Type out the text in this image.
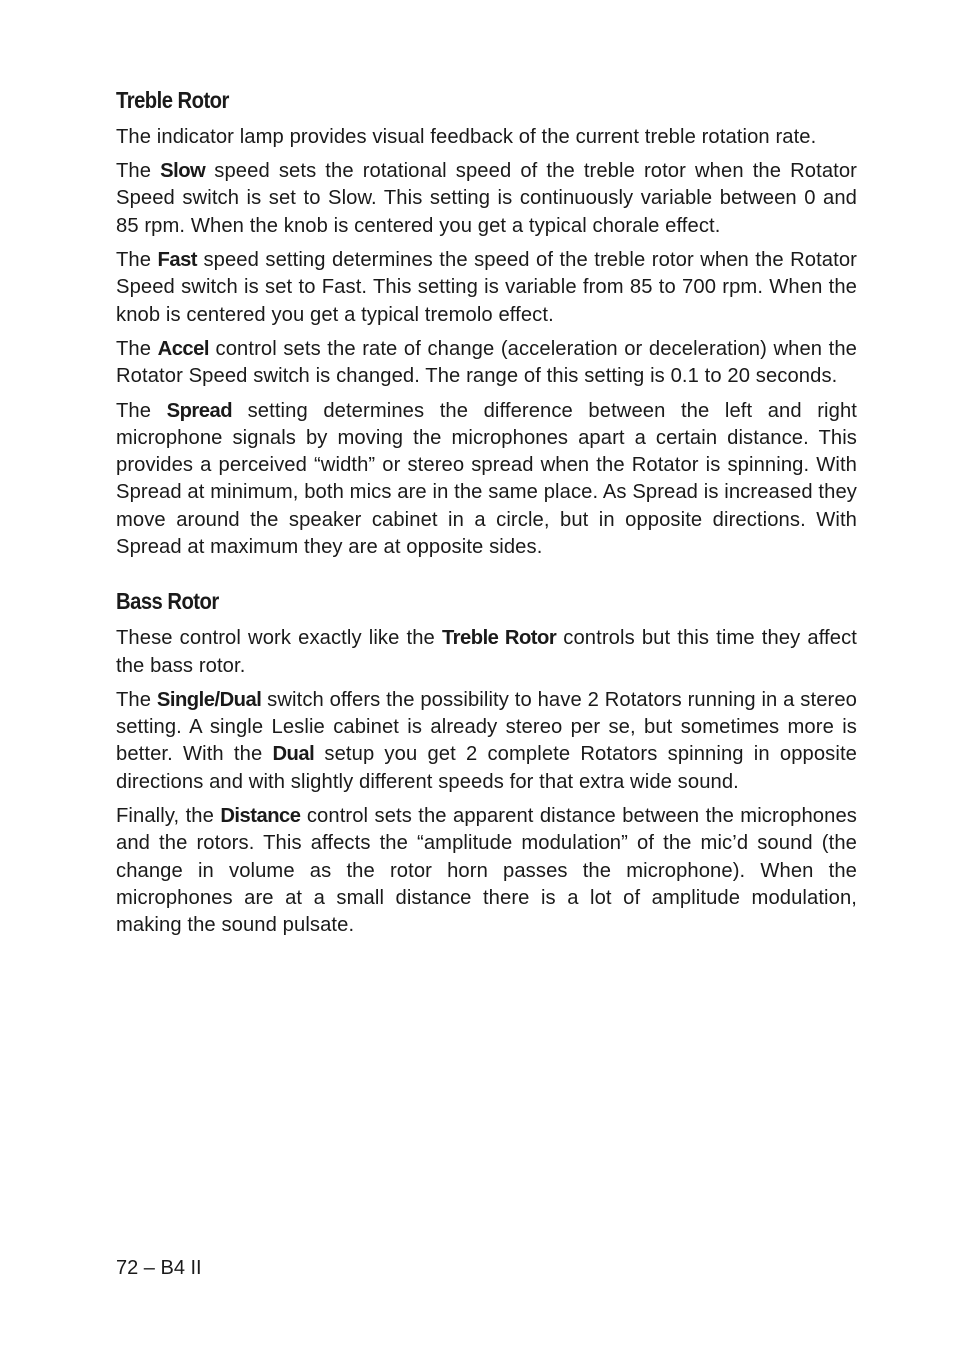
Treble Rotor

The indicator lamp provides visual feedback of the current treble rotation rate.

The Slow speed sets the rotational speed of the treble rotor when the Rotator Speed switch is set to Slow. This setting is continuously variable between 0 and 85 rpm. When the knob is centered you get a typical chorale effect.

The Fast speed setting determines the speed of the treble rotor when the Rotator Speed switch is set to Fast. This setting is variable from 85 to 700 rpm. When the knob is centered you get a typical tremolo effect.

The Accel control sets the rate of change (acceleration or deceleration) when the Rotator Speed switch is changed. The range of this setting is 0.1 to 20 seconds.

The Spread setting determines the difference between the left and right microphone signals by moving the microphones apart a certain distance. This provides a perceived “width” or stereo spread when the Rotator is spinning. With Spread at minimum, both mics are in the same place. As Spread is increased they move around the speaker cabinet in a circle, but in opposite directions. With Spread at maximum they are at opposite sides.

Bass Rotor

These control work exactly like the Treble Rotor controls but this time they affect the bass rotor.

The Single/Dual switch offers the possibility to have 2 Rotators running in a stereo setting. A single Leslie cabinet is already stereo per se, but sometimes more is better. With the Dual setup you get 2 complete Rotators spinning in opposite directions and with slightly different speeds for that extra wide sound.

Finally, the Distance control sets the apparent distance between the microphones and the rotors. This affects the “amplitude modulation” of the mic’d sound (the change in volume as the rotor horn passes the microphone). When the microphones are at a small distance there is a lot of amplitude modulation, making the sound pulsate.

72 – B4 II
